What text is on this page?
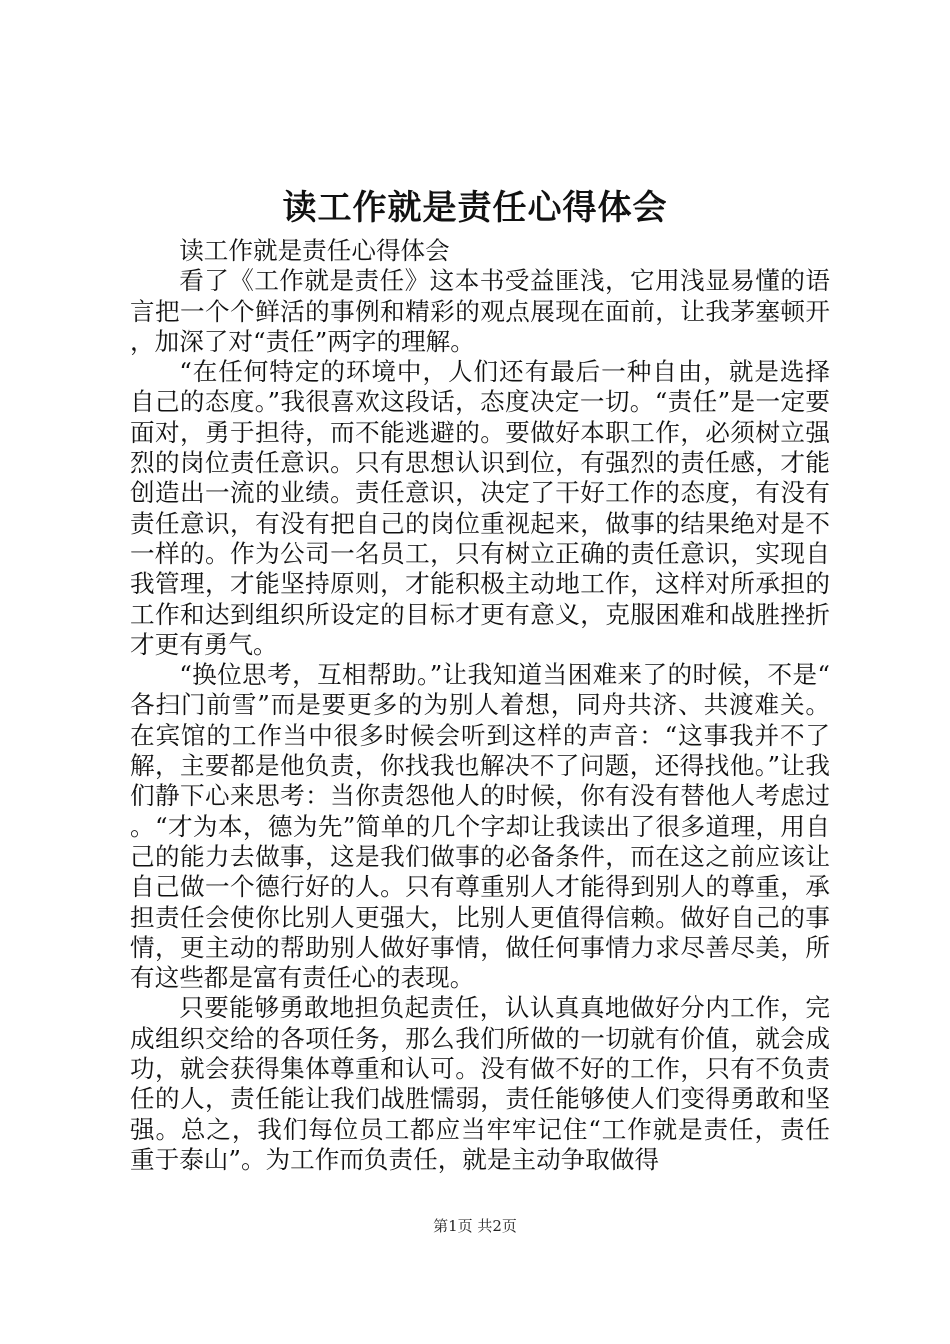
读工作就是责任心得体会

读工作就是责任心得体会

看了《工作就是责任》这本书受益匪浅，它用浅显易懂的语言把一个个鲜活的事例和精彩的观点展现在面前，让我茅塞顿开，加深了对“责任”两字的理解。

“在任何特定的环境中，人们还有最后一种自由，就是选择自己的态度。”我很喜欢这段话，态度决定一切。“责任”是一定要面对，勇于担待，而不能逃避的。要做好本职工作，必须树立强烈的岗位责任意识。只有思想认识到位，有强烈的责任感，才能创造出一流的业绩。责任意识，决定了干好工作的态度，有没有责任意识，有没有把自己的岗位重视起来，做事的结果绝对是不一样的。作为公司一名员工，只有树立正确的责任意识，实现自我管理，才能坚持原则，才能积极主动地工作，这样对所承担的工作和达到组织所设定的目标才更有意义，克服困难和战胜挫折才更有勇气。

“换位思考，互相帮助。”让我知道当困难来了的时候，不是“各扫门前雪”而是要更多的为别人着想，同舟共济、共渡难关。在宾馆的工作当中很多时候会听到这样的声音：“这事我并不了解，主要都是他负责，你找我也解决不了问题，还得找他。”让我们静下心来思考：当你责怨他人的时候，你有没有替他人考虑过。“才为本，德为先”简单的几个字却让我读出了很多道理，用自己的能力去做事，这是我们做事的必备条件，而在这之前应该让自己做一个德行好的人。只有尊重别人才能得到别人的尊重，承担责任会使你比别人更强大，比别人更值得信赖。做好自己的事情，更主动的帮助别人做好事情，做任何事情力求尽善尽美，所有这些都是富有责任心的表现。

只要能够勇敢地担负起责任，认认真真地做好分内工作，完成组织交给的各项任务，那么我们所做的一切就有价值，就会成功，就会获得集体尊重和认可。没有做不好的工作，只有不负责任的人，责任能让我们战胜懦弱，责任能够使人们变得勇敢和坚强。总之，我们每位员工都应当牢牢记住“工作就是责任，责任重于泰山”。为工作而负责任，就是主动争取做得

第1页 共2页
